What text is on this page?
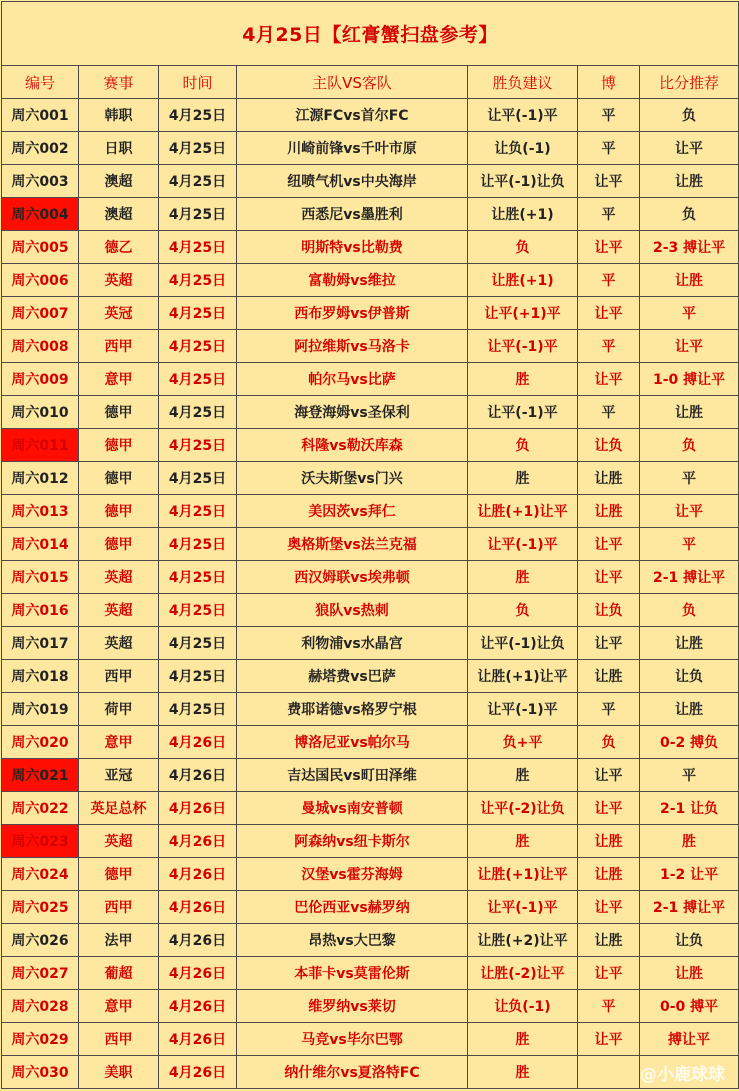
4月25日【红膏蟹扫盘参考】						
编号	赛事	时间	主队VS客队	胜负建议	博	比分推荐
周六001	韩职	4月25日	江源FCvs首尔FC	让平(-1)平	平	负
周六002	日职	4月25日	川崎前锋vs千叶市原	让负(-1)	平	让平
周六003	澳超	4月25日	纽喷气机vs中央海岸	让平(-1)让负	让平	让胜
周六004	澳超	4月25日	西悉尼vs墨胜利	让胜(+1)	平	负
周六005	德乙	4月25日	明斯特vs比勒费	负	让平	2-3 搏让平
周六006	英超	4月25日	富勒姆vs维拉	让胜(+1)	平	让胜
周六007	英冠	4月25日	西布罗姆vs伊普斯	让平(+1)平	让平	平
周六008	西甲	4月25日	阿拉维斯vs马洛卡	让平(-1)平	平	让平
周六009	意甲	4月25日	帕尔马vs比萨	胜	让平	1-0 搏让平
周六010	德甲	4月25日	海登海姆vs圣保利	让平(-1)平	平	让胜
周六011	德甲	4月25日	科隆vs勒沃库森	负	让负	负
周六012	德甲	4月25日	沃夫斯堡vs门兴	胜	让胜	平
周六013	德甲	4月25日	美因茨vs拜仁	让胜(+1)让平	让胜	让平
周六014	德甲	4月25日	奥格斯堡vs法兰克福	让平(-1)平	让平	平
周六015	英超	4月25日	西汉姆联vs埃弗顿	胜	让平	2-1 搏让平
周六016	英超	4月25日	狼队vs热刺	负	让负	负
周六017	英超	4月25日	利物浦vs水晶宫	让平(-1)让负	让平	让胜
周六018	西甲	4月25日	赫塔费vs巴萨	让胜(+1)让平	让胜	让负
周六019	荷甲	4月25日	费耶诺德vs格罗宁根	让平(-1)平	平	让胜
周六020	意甲	4月26日	博洛尼亚vs帕尔马	负+平	负	0-2 搏负
周六021	亚冠	4月26日	吉达国民vs町田泽维	胜	让平	平
周六022	英足总杯	4月26日	曼城vs南安普顿	让平(-2)让负	让平	2-1 让负
周六023	英超	4月26日	阿森纳vs纽卡斯尔	胜	让胜	胜
周六024	德甲	4月26日	汉堡vs霍芬海姆	让胜(+1)让平	让胜	1-2 让平
周六025	西甲	4月26日	巴伦西亚vs赫罗纳	让平(-1)平	让平	2-1 搏让平
周六026	法甲	4月26日	昂热vs大巴黎	让胜(+2)让平	让胜	让负
周六027	葡超	4月26日	本菲卡vs莫雷伦斯	让胜(-2)让平	让平	让胜
周六028	意甲	4月26日	维罗纳vs莱切	让负(-1)	平	0-0 搏平
周六029	西甲	4月26日	马竞vs毕尔巴鄂	胜	让平	搏让平
周六030	美职	4月26日	纳什维尔vs夏洛特FC	胜			@小鹿球球
